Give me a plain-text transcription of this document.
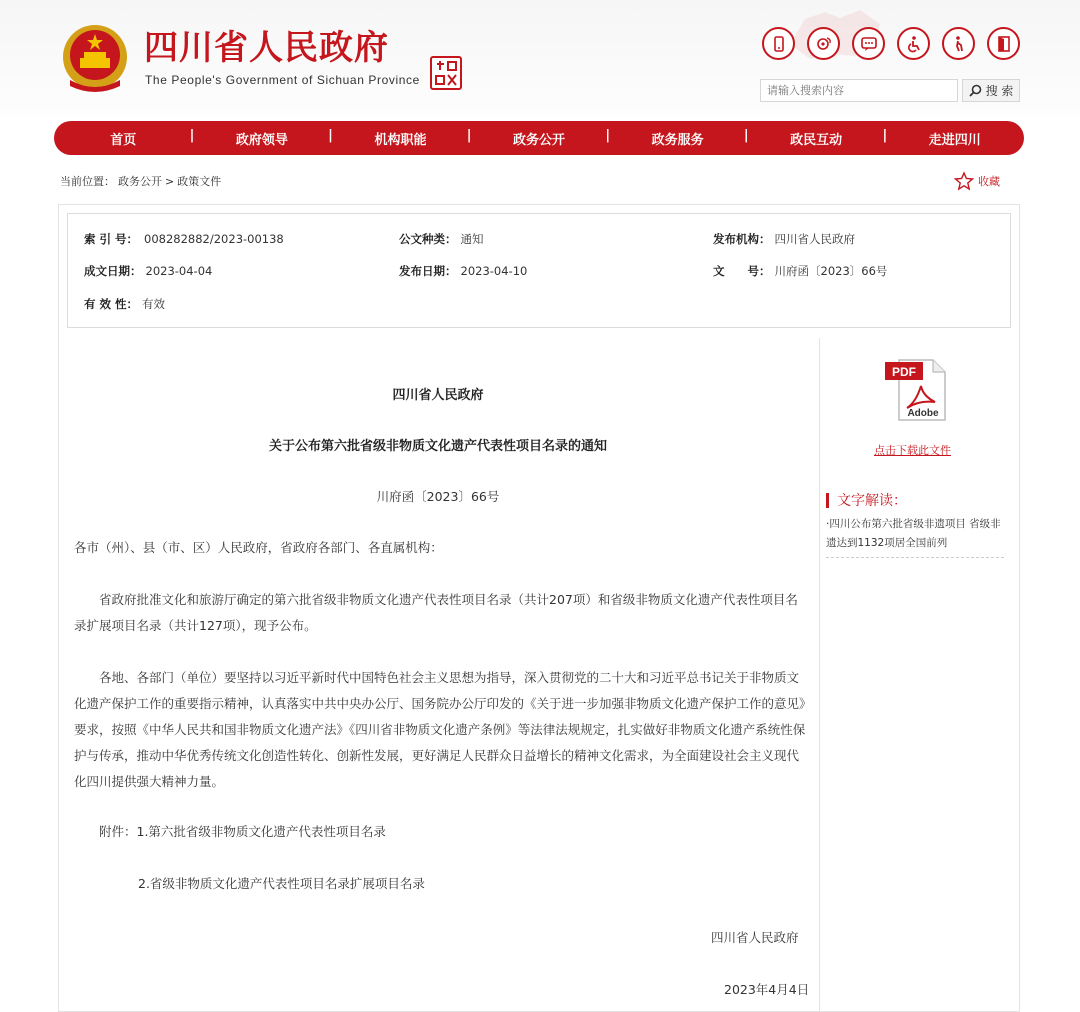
四川省人民政府
The People's Government of Sichuan Province
请输入搜索内容
搜 索
首页	| 政府领导	| 机构职能	| 政务公开	| 政务服务	| 政民互动	| 走进四川
当前位置： 政务公开 > 政策文件	收藏
索 引 号： 008282882/2023-00138	公文种类： 通知	发布机构： 四川省人民政府
成文日期： 2023-04-04	发布日期： 2023-04-10	文　　号： 川府函〔2023〕66号
有 效 性： 有效
四川省人民政府
关于公布第六批省级非物质文化遗产代表性项目名录的通知
川府函〔2023〕66号
各市（州）、县（市、区）人民政府，省政府各部门、各直属机构：
省政府批准文化和旅游厅确定的第六批省级非物质文化遗产代表性项目名录（共计207项）和省级非物质文化遗产代表性项目名录扩展项目名录（共计127项），现予公布。
各地、各部门（单位）要坚持以习近平新时代中国特色社会主义思想为指导，深入贯彻党的二十大和习近平总书记关于非物质文化遗产保护工作的重要指示精神，认真落实中共中央办公厅、国务院办公厅印发的《关于进一步加强非物质文化遗产保护工作的意见》要求，按照《中华人民共和国非物质文化遗产法》《四川省非物质文化遗产条例》等法律法规规定，扎实做好非物质文化遗产系统性保护与传承，推动中华优秀传统文化创造性转化、创新性发展，更好满足人民群众日益增长的精神文化需求，为全面建设社会主义现代化四川提供强大精神力量。
附件：1.第六批省级非物质文化遗产代表性项目名录
2.省级非物质文化遗产代表性项目名录扩展项目名录
四川省人民政府
2023年4月4日
PDF
Adobe
点击下载此文件
文字解读：
·四川公布第六批省级非遗项目 省级非遗达到1132项居全国前列
